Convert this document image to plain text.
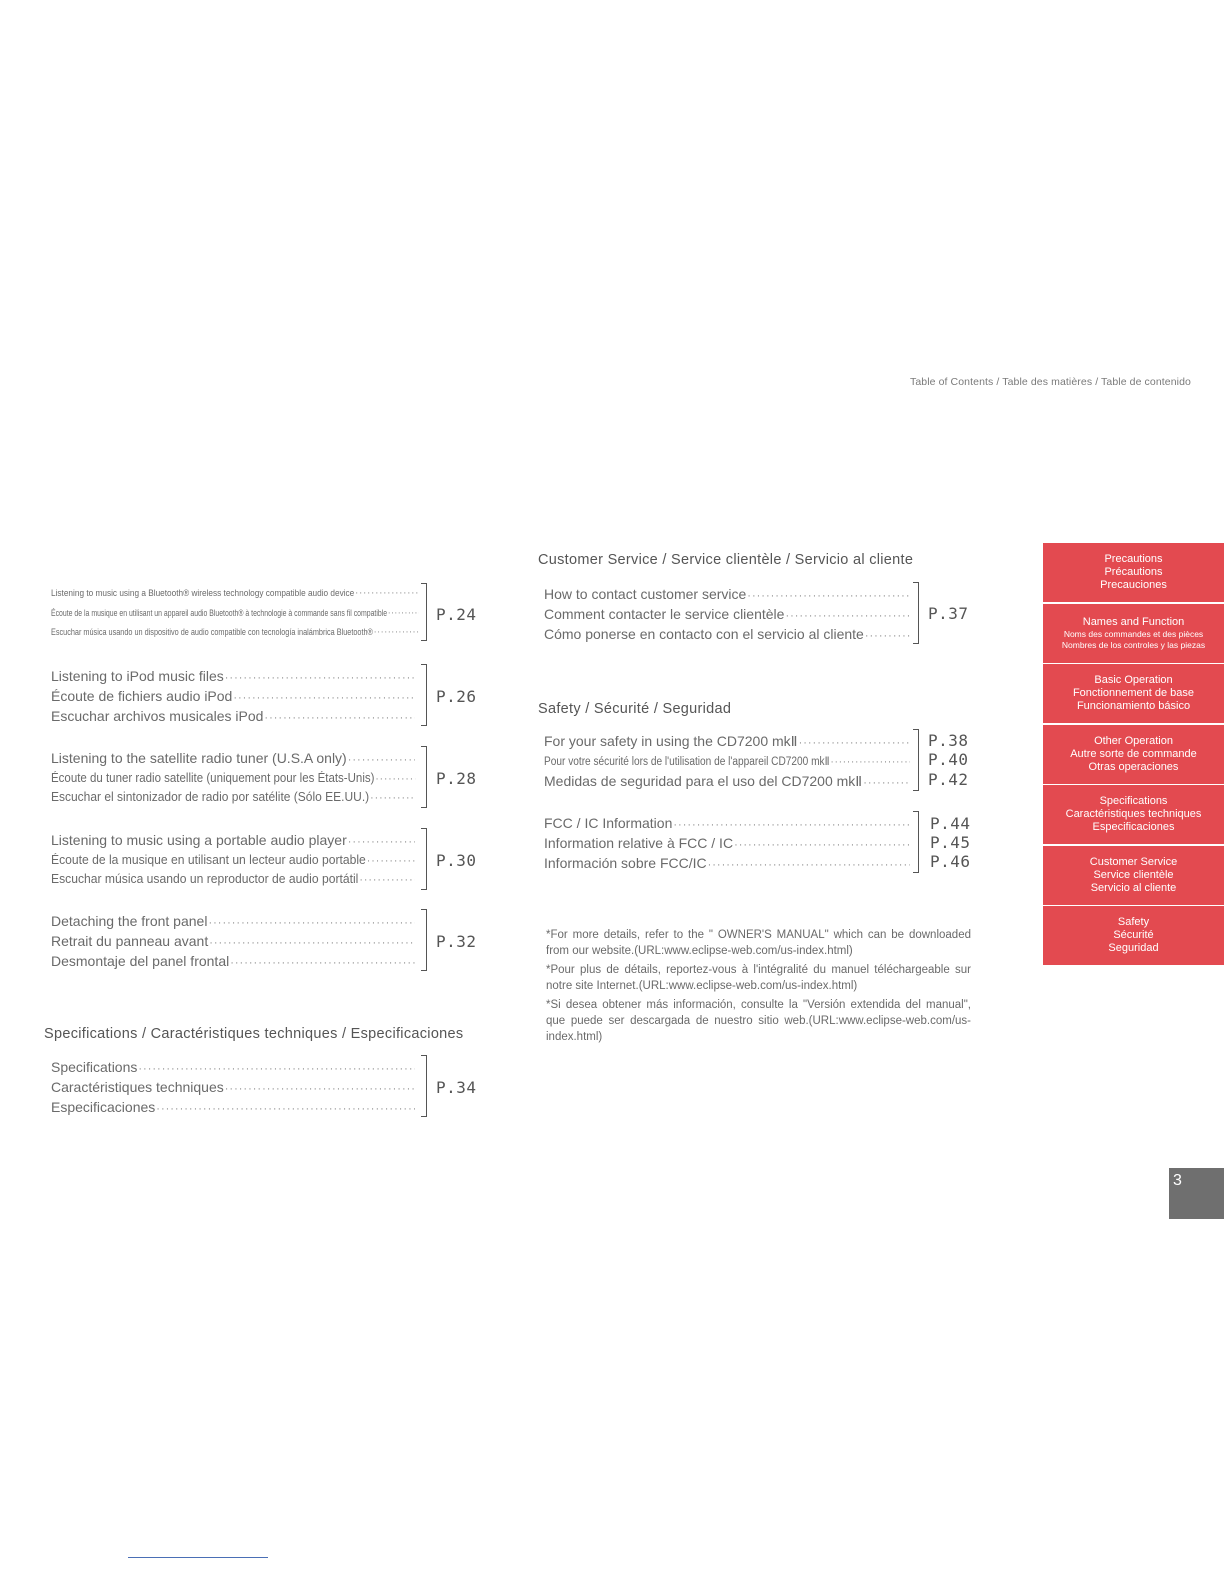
Table of Contents / Table des matières / Table de contenido
Listening to music using a Bluetooth® wireless technology compatible audio device
·····
Écoute de la musique en utilisant un appareil audio Bluetooth® à technologie à commande sans fil compatible
·····
Escuchar música usando un dispositivo de audio compatible con tecnología inalámbrica Bluetooth®
·····
P.24
Listening to iPod music files
·····
Écoute de fichiers audio iPod
·····
Escuchar archivos musicales iPod
·····
P.26
Listening to the satellite radio tuner (U.S.A only)
·····
Écoute du tuner radio satellite (uniquement pour les États-Unis)
·····
Escuchar el sintonizador de radio por satélite (Sólo EE.UU.)
·····
P.28
Listening to music using a portable audio player
·····
Écoute de la musique en utilisant un lecteur audio portable
·····
Escuchar música usando un reproductor de audio portátil
·····
P.30
Detaching the front panel
·····
Retrait du panneau avant
·····
Desmontaje del panel frontal
·····
P.32
Specifications / Caractéristiques techniques / Especificaciones
Specifications
·····
Caractéristiques techniques
·····
Especificaciones
·····
P.34
Customer Service / Service clientèle / Servicio al cliente
How to contact customer service
·····
Comment contacter le service clientèle
·····
Cómo ponerse en contacto con el servicio al cliente
·····
P.37
Safety / Sécurité / Seguridad
For your safety in using the CD7200 mkⅡ
·····
Pour votre sécurité lors de l'utilisation de l'appareil CD7200 mkⅡ
·····
Medidas de seguridad para el uso del CD7200 mkⅡ
·····
P.38
P.40
P.42
FCC / IC Information
·····
Information relative à FCC / IC
·····
Información sobre FCC/IC
·····
P.44
P.45
P.46
*For more details, refer to the " OWNER'S MANUAL" which can be downloaded from our website.(URL:www.eclipse-web.com/us-index.html)
*Pour plus de détails, reportez-vous à l'intégralité du manuel téléchargeable sur notre site Internet.(URL:www.eclipse-web.com/us-index.html)
*Si desea obtener más información, consulte la "Versión extendida del manual", que puede ser descargada de nuestro sitio web.(URL:www.eclipse-web.com/us-index.html)
Precautions
Précautions
Precauciones
Names and Function
Noms des commandes et des pièces
Nombres de los controles y las piezas
Basic Operation
Fonctionnement de base
Funcionamiento básico
Other Operation
Autre sorte de commande
Otras operaciones
Specifications
Caractéristiques techniques
Especificaciones
Customer Service
Service clientèle
Servicio al cliente
Safety
Sécurité
Seguridad
3
